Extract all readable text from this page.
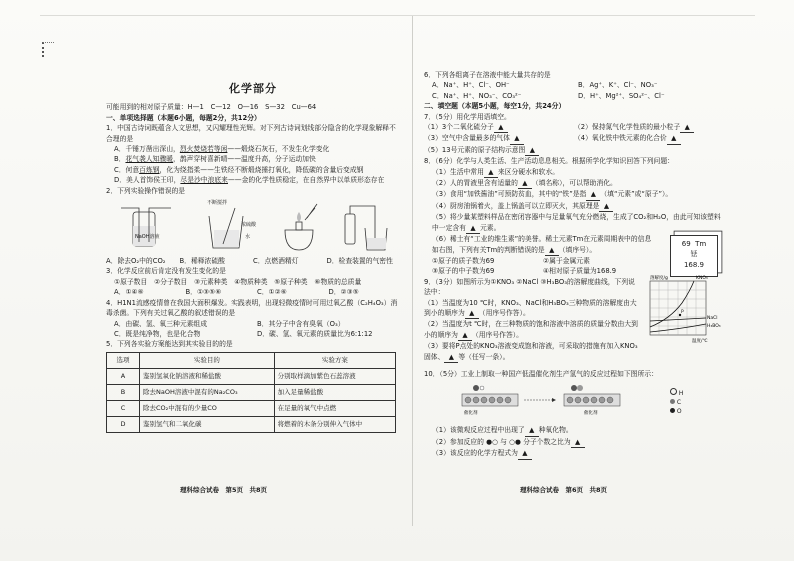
化学部分
可能用到的相对原子质量：H—1　C—12　O—16　S—32　Cu—64
一、单项选择题（本题6小题，每题2分，共12分）
1．中国古诗词既蕴含人文思想，又闪耀理性光辉。对下列古诗词划线部分隐含的化学现象解释不合理的是
A．千锤万凿出深山，烈火焚烧若等闲——煅烧石灰石，不发生化学变化
B．花气袭人知骤暖，鹊声穿树喜新晴——温度升高，分子运动加快
C．何意百炼钢，化为绕指柔——生铁经不断煅烧捶打氧化，降低碳的含量后变成钢
D．美人首饰侯王印，尽是沙中浪底来——金的化学性质稳定，在自然界中以单质形态存在
2．下列实验操作错误的是
NaOH溶液
不断搅拌
浓硫酸
水
A．除去O₂中的CO₂	B．稀释浓硫酸	C．点燃酒精灯	D．检查装置的气密性
3．化学反应前后肯定没有发生变化的是
①原子数目　②分子数目　③元素种类　④物质种类　⑤原子种类　⑥物质的总质量
A．①④⑥	B．①③⑤⑥	C．①②⑥	D．②③⑤
4．H1N1流感疫情曾在我国大面积爆发。实践表明，出现轻微疫情时可用过氧乙酸（C₂H₄O₃）消毒杀菌。下列有关过氧乙酸的叙述错误的是
A．由碳、氢、氧三种元素组成	B．其分子中含有臭氧（O₃）
C．既是纯净物，也是化合物	D．碳、氢、氧元素的质量比为6:1:12
5．下列各实验方案能达到其实验目的的是
选项	实验目的	实验方案
A	鉴别氢氧化钠溶液和稀盐酸	分别取样滴加紫色石蕊溶液
B	除去NaOH溶液中混有的Na₂CO₃	加入足量稀盐酸
C	除去CO₂中混有的少量CO	在足量的氧气中点燃
D	鉴别氢气和二氧化碳	将燃着的木条分别伸入气体中
理科综合试卷　第5页　共8页
6．下列各组离子在溶液中能大量共存的是
A．Na⁺、H⁺、Cl⁻、OH⁻	B．Ag⁺、K⁺、Cl⁻、NO₃⁻
C．Na⁺、H⁺、NO₃⁻、CO₃²⁻	D．H⁺、Mg²⁺、SO₄²⁻、Cl⁻
二、填空题（本题5小题，每空1分，共24分）
7．（5分）用化学用语填空。
（1）3个二氧化硫分子 ▲	（2）保持氮气化学性质的最小粒子 ▲
（3）空气中含量最多的气体 ▲	（4）氧化铁中铁元素的化合价 ▲
（5）13号元素的原子结构示意图 ▲
8．（6分）化学与人类生活、生产活动息息相关。根据所学化学知识回答下列问题：
（1）生活中常用 ▲ 来区分硬水和软水。
（2）人的胃液里含有适量的 ▲ （填名称），可以帮助消化。
（3）食用“加铁酱油”可预防贫血，其中的“铁”是指 ▲ （填“元素”或“原子”）。
（4）厨房油锅着火，盖上锅盖可以立即灭火，其原理是 ▲
（5）将少量某塑料样品在密闭容器中与足量氧气充分燃烧，生成了CO₂和H₂O，由此可知该塑料中一定含有 ▲ 元素。
（6）稀土有“工业的维生素”的美誉。稀土元素Tm在元素周期表中的信息如右图，下列有关Tm的判断错误的是 ▲ （填序号）。
①原子的质子数为69	②属于金属元素
③原子的中子数为69	④相对原子质量为168.9
69 Tm
铥
168.9
9．（3分）如图所示为①KNO₃ ②NaCl ③H₃BO₃的溶解度曲线，下列说法中：
（1）当温度为10 ℃时，KNO₃、NaCl和H₃BO₃三种物质的溶解度由大到小的顺序为 ▲ （用序号作答）。
（2）当温度为t ℃时，在三种物质的饱和溶液中溶质的质量分数由大到小的顺序为 ▲ （用序号作答）。
（3）要将P点处的KNO₃溶液变成饱和溶液，可采取的措施有加入KNO₃固体、 ▲ 等（任写一条）。
P
溶解度/g	KNO₃
NaCl
H₃BO₃
温度/℃
10．（5分）工业上制取一种国产低温催化剂生产氢气的反应过程如下图所示：
催化剂	催化剂
H
C
O
（1）该微观反应过程中出现了 ▲ 种氧化物。
（2）参加反应的 ●○ 与 ○● 分子个数之比为 ▲
（3）该反应的化学方程式为 ▲
理科综合试卷　第6页　共8页
